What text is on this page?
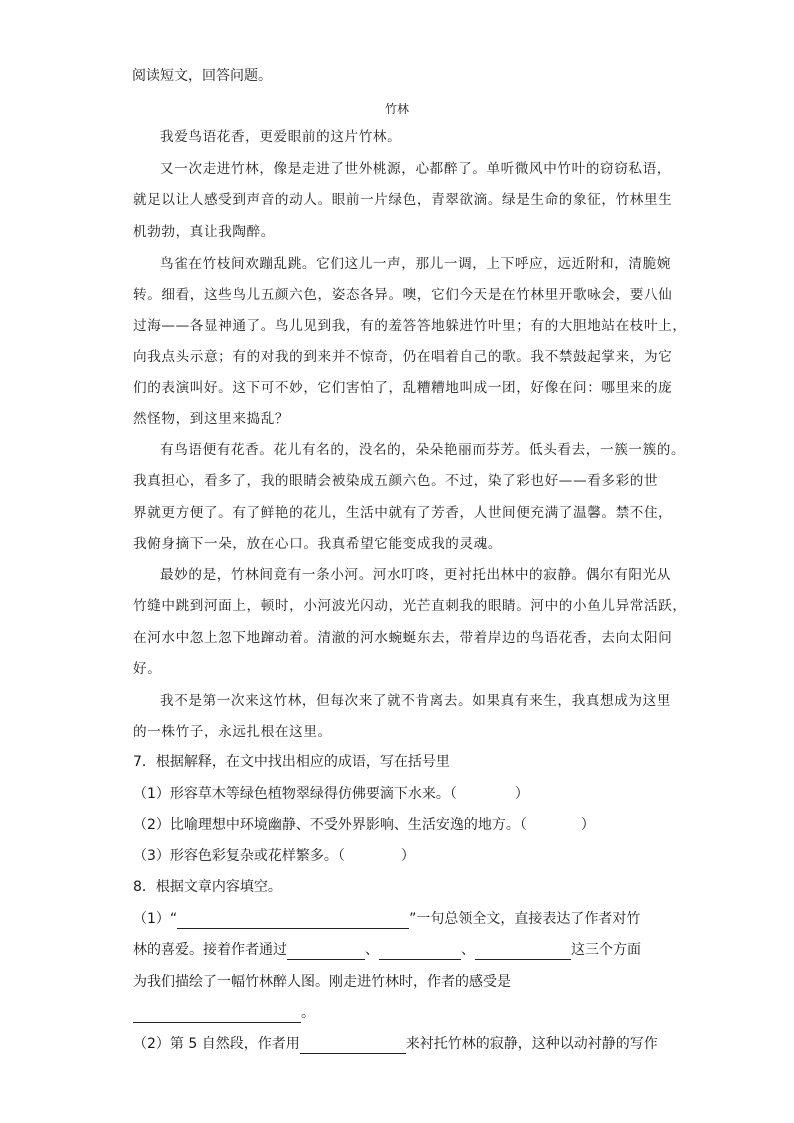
阅读短文，回答问题。
竹林
我爱鸟语花香，更爱眼前的这片竹林。
又一次走进竹林，像是走进了世外桃源，心都醉了。单听微风中竹叶的窃窃私语，
就足以让人感受到声音的动人。眼前一片绿色，青翠欲滴。绿是生命的象征，竹林里生
机勃勃，真让我陶醉。
鸟雀在竹枝间欢蹦乱跳。它们这儿一声，那儿一调，上下呼应，远近附和，清脆婉
转。细看，这些鸟儿五颜六色，姿态各异。噢，它们今天是在竹林里开歌咏会，要八仙
过海——各显神通了。鸟儿见到我，有的羞答答地躲进竹叶里；有的大胆地站在枝叶上，
向我点头示意；有的对我的到来并不惊奇，仍在唱着自己的歌。我不禁鼓起掌来，为它
们的表演叫好。这下可不妙，它们害怕了，乱糟糟地叫成一团，好像在问：哪里来的庞
然怪物，到这里来捣乱？
有鸟语便有花香。花儿有名的，没名的，朵朵艳丽而芬芳。低头看去，一簇一簇的。
我真担心，看多了，我的眼睛会被染成五颜六色。不过，染了彩也好——看多彩的世
界就更方便了。有了鲜艳的花儿，生活中就有了芳香，人世间便充满了温馨。禁不住，
我俯身摘下一朵，放在心口。我真希望它能变成我的灵魂。
最妙的是，竹林间竟有一条小河。河水叮咚，更衬托出林中的寂静。偶尔有阳光从
竹缝中跳到河面上，顿时，小河波光闪动，光芒直刺我的眼睛。河中的小鱼儿异常活跃，
在河水中忽上忽下地蹿动着。清澈的河水蜿蜒东去，带着岸边的鸟语花香，去向太阳问
好。
我不是第一次来这竹林，但每次来了就不肯离去。如果真有来生，我真想成为这里
的一株竹子，永远扎根在这里。
7．根据解释，在文中找出相应的成语，写在括号里
（1）形容草木等绿色植物翠绿得仿佛要滴下水来。（	）
（2）比喻理想中环境幽静、不受外界影响、生活安逸的地方。（	）
（3）形容色彩复杂或花样繁多。（	）
8．根据文章内容填空。
（1）“	”一句总领全文，直接表达了作者对竹
林的喜爱。接着作者通过	、	、	这三个方面
为我们描绘了一幅竹林醉人图。刚走进竹林时，作者的感受是
。
（2）第 5 自然段，作者用	来衬托竹林的寂静，这种以动衬静的写作
